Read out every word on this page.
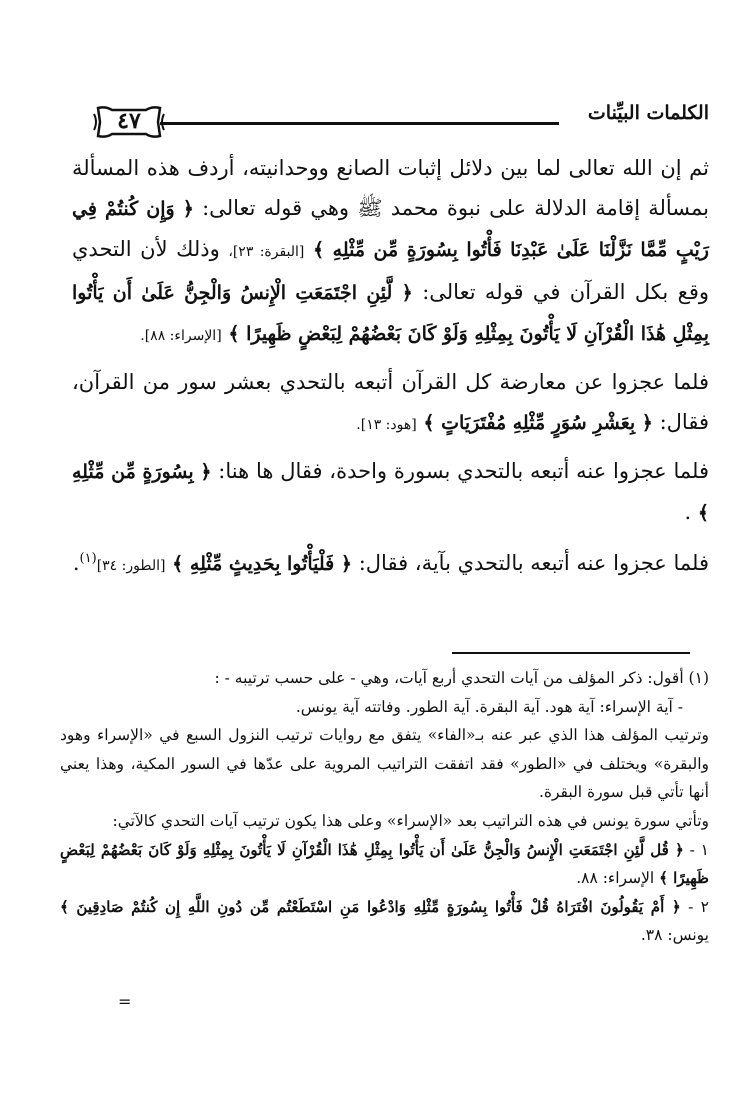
الكلمات البيِّنات
٤٧

ثم إن الله تعالى لما بين دلائل إثبات الصانع ووحدانيته، أردف هذه المسألة بمسألة إقامة الدلالة على نبوة محمد ﷺ وهي قوله تعالى: ﴿ وَإِن كُنتُمْ فِي رَيْبٍ مِّمَّا نَزَّلْنَا عَلَىٰ عَبْدِنَا فَأْتُوا بِسُورَةٍ مِّن مِّثْلِهِ ﴾ [البقرة: ٢٣]، وذلك لأن التحدي وقع بكل القرآن في قوله تعالى: ﴿ لَّئِنِ اجْتَمَعَتِ الْإِنسُ وَالْجِنُّ عَلَىٰ أَن يَأْتُوا بِمِثْلِ هَٰذَا الْقُرْآنِ لَا يَأْتُونَ بِمِثْلِهِ وَلَوْ كَانَ بَعْضُهُمْ لِبَعْضٍ ظَهِيرًا ﴾ [الإسراء: ٨٨].

فلما عجزوا عن معارضة كل القرآن أتبعه بالتحدي بعشر سور من القرآن، فقال: ﴿ بِعَشْرِ سُوَرٍ مِّثْلِهِ مُفْتَرَيَاتٍ ﴾ [هود: ١٣].

فلما عجزوا عنه أتبعه بالتحدي بسورة واحدة، فقال ها هنا: ﴿ بِسُورَةٍ مِّن مِّثْلِهِ ﴾ .

فلما عجزوا عنه أتبعه بالتحدي بآية، فقال: ﴿ فَلْيَأْتُوا بِحَدِيثٍ مِّثْلِهِ ﴾ [الطور: ٣٤]$^{(١)}$.

(١) أقول: ذكر المؤلف من آيات التحدي أربع آيات، وهي - على حسب ترتيبه - :

- آية الإسراء: آية هود. آية البقرة. آية الطور. وفاتته آية يونس.

وترتيب المؤلف هذا الذي عبر عنه بـ«الفاء» يتفق مع روايات ترتيب النزول السبع في «الإسراء وهود والبقرة» ويختلف في «الطور» فقد اتفقت التراتيب المروية على عدّها في السور المكية، وهذا يعني أنها تأتي قبل سورة البقرة.

وتأتي سورة يونس في هذه التراتيب بعد «الإسراء» وعلى هذا يكون ترتيب آيات التحدي كالآتي:

١ - ﴿ قُل لَّئِنِ اجْتَمَعَتِ الْإِنسُ وَالْجِنُّ عَلَىٰ أَن يَأْتُوا بِمِثْلِ هَٰذَا الْقُرْآنِ لَا يَأْتُونَ بِمِثْلِهِ وَلَوْ كَانَ بَعْضُهُمْ لِبَعْضٍ ظَهِيرًا ﴾ الإسراء: ٨٨.

٢ - ﴿ أَمْ يَقُولُونَ افْتَرَاهُ قُلْ فَأْتُوا بِسُورَةٍ مِّثْلِهِ وَادْعُوا مَنِ اسْتَطَعْتُم مِّن دُونِ اللَّهِ إِن كُنتُمْ صَادِقِينَ ﴾ يونس: ٣٨.

=
